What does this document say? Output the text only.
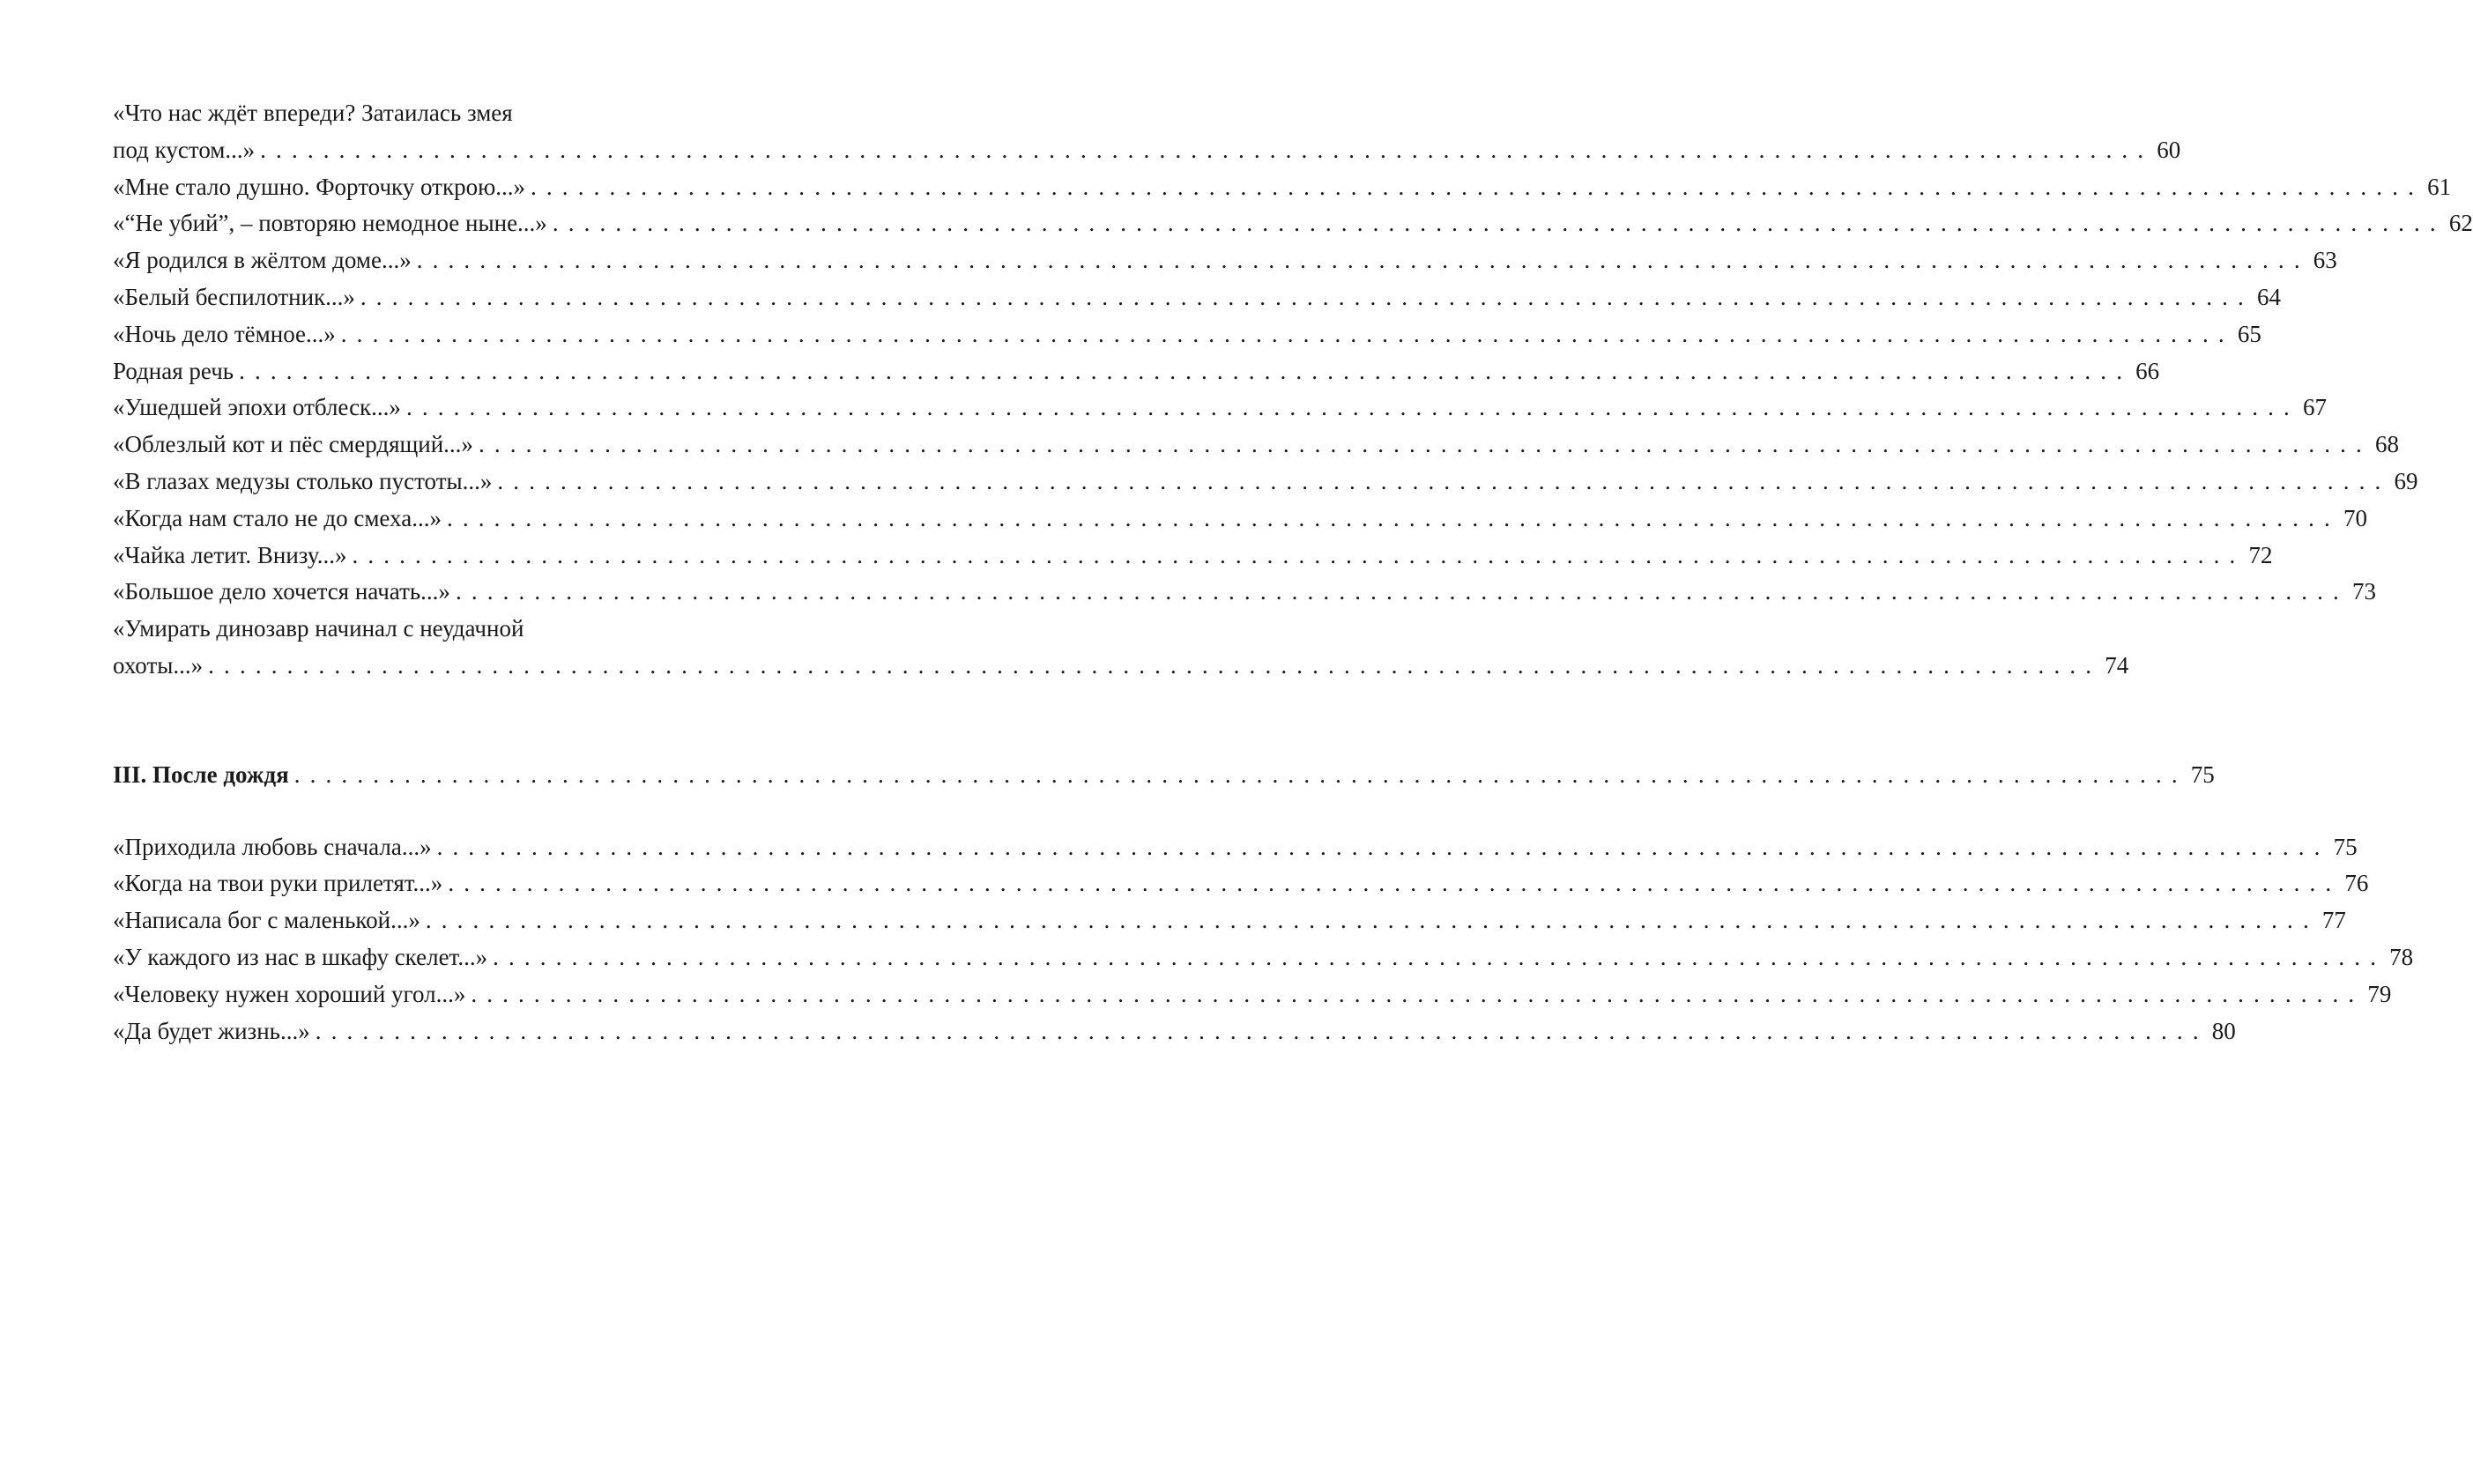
«Что нас ждёт впереди? Затаилась змея
под кустом...» . . . . . . . . . . . . . . . . . . . . . . . . . . . . . . . . . . . . . . . . . . . . . . . . . . . . . . . . . . . . . . . . . . . . . . . . . . . . . . . . . . . . . . . . . . . . . . . . . . . . . . . . . . . . . . . . . . . . . . . . 60
«Мне стало душно. Форточку открою...» . . . . . . . . . . . . . . . . . . . . . . . . . . . . . . . . . . . . . . . . . . . . . . . . . . . . . . . . . . . . . . . . . . . . . . . . . . . . . . . . . . . . . . . . . . . . . . . . . . . . . . . . . . . . . . . . . . . . . . . . 61
«“Не убий”, – повторяю немодное ныне...» . . . . . . . . . . . . . . . . . . . . . . . . . . . . . . . . . . . . . . . . . . . . . . . . . . . . . . . . . . . . . . . . . . . . . . . . . . . . . . . . . . . . . . . . . . . . . . . . . . . . . . . . . . . . . . . . . . . . . . . . 62
«Я родился в жёлтом доме...» . . . . . . . . . . . . . . . . . . . . . . . . . . . . . . . . . . . . . . . . . . . . . . . . . . . . . . . . . . . . . . . . . . . . . . . . . . . . . . . . . . . . . . . . . . . . . . . . . . . . . . . . . . . . . . . . . . . . . . . . 63
«Белый беспилотник...» . . . . . . . . . . . . . . . . . . . . . . . . . . . . . . . . . . . . . . . . . . . . . . . . . . . . . . . . . . . . . . . . . . . . . . . . . . . . . . . . . . . . . . . . . . . . . . . . . . . . . . . . . . . . . . . . . . . . . . . . 64
«Ночь дело тёмное...» . . . . . . . . . . . . . . . . . . . . . . . . . . . . . . . . . . . . . . . . . . . . . . . . . . . . . . . . . . . . . . . . . . . . . . . . . . . . . . . . . . . . . . . . . . . . . . . . . . . . . . . . . . . . . . . . . . . . . . . . 65
Родная речь . . . . . . . . . . . . . . . . . . . . . . . . . . . . . . . . . . . . . . . . . . . . . . . . . . . . . . . . . . . . . . . . . . . . . . . . . . . . . . . . . . . . . . . . . . . . . . . . . . . . . . . . . . . . . . . . . . . . . . . . 66
«Ушедшей эпохи отблеск...» . . . . . . . . . . . . . . . . . . . . . . . . . . . . . . . . . . . . . . . . . . . . . . . . . . . . . . . . . . . . . . . . . . . . . . . . . . . . . . . . . . . . . . . . . . . . . . . . . . . . . . . . . . . . . . . . . . . . . . . . 67
«Облезлый кот и пёс смердящий...» . . . . . . . . . . . . . . . . . . . . . . . . . . . . . . . . . . . . . . . . . . . . . . . . . . . . . . . . . . . . . . . . . . . . . . . . . . . . . . . . . . . . . . . . . . . . . . . . . . . . . . . . . . . . . . . . . . . . . . . . 68
«В глазах медузы столько пустоты...» . . . . . . . . . . . . . . . . . . . . . . . . . . . . . . . . . . . . . . . . . . . . . . . . . . . . . . . . . . . . . . . . . . . . . . . . . . . . . . . . . . . . . . . . . . . . . . . . . . . . . . . . . . . . . . . . . . . . . . . . 69
«Когда нам стало не до смеха...» . . . . . . . . . . . . . . . . . . . . . . . . . . . . . . . . . . . . . . . . . . . . . . . . . . . . . . . . . . . . . . . . . . . . . . . . . . . . . . . . . . . . . . . . . . . . . . . . . . . . . . . . . . . . . . . . . . . . . . . . 70
«Чайка летит. Внизу...» . . . . . . . . . . . . . . . . . . . . . . . . . . . . . . . . . . . . . . . . . . . . . . . . . . . . . . . . . . . . . . . . . . . . . . . . . . . . . . . . . . . . . . . . . . . . . . . . . . . . . . . . . . . . . . . . . . . . . . . . 72
«Большое дело хочется начать...» . . . . . . . . . . . . . . . . . . . . . . . . . . . . . . . . . . . . . . . . . . . . . . . . . . . . . . . . . . . . . . . . . . . . . . . . . . . . . . . . . . . . . . . . . . . . . . . . . . . . . . . . . . . . . . . . . . . . . . . . 73
«Умирать динозавр начинал с неудачной
охоты...» . . . . . . . . . . . . . . . . . . . . . . . . . . . . . . . . . . . . . . . . . . . . . . . . . . . . . . . . . . . . . . . . . . . . . . . . . . . . . . . . . . . . . . . . . . . . . . . . . . . . . . . . . . . . . . . . . . . . . . . . 74
III. После дождя . . . . . . . . . . . . . . . . . . . . . . . . . . . . . . . . . . . . . . . . . . . . . . . . . . . . . . . . . . . . . . . . . . . . . . . . . . . . . . . . . . . . . . . . . . . . . . . . . . . . . . . . . . . . . . . . . . . . . . . . 75
«Приходила любовь сначала...» . . . . . . . . . . . . . . . . . . . . . . . . . . . . . . . . . . . . . . . . . . . . . . . . . . . . . . . . . . . . . . . . . . . . . . . . . . . . . . . . . . . . . . . . . . . . . . . . . . . . . . . . . . . . . . . . . . . . . . . . 75
«Когда на твои руки прилетят...» . . . . . . . . . . . . . . . . . . . . . . . . . . . . . . . . . . . . . . . . . . . . . . . . . . . . . . . . . . . . . . . . . . . . . . . . . . . . . . . . . . . . . . . . . . . . . . . . . . . . . . . . . . . . . . . . . . . . . . . . 76
«Написала бог с маленькой...» . . . . . . . . . . . . . . . . . . . . . . . . . . . . . . . . . . . . . . . . . . . . . . . . . . . . . . . . . . . . . . . . . . . . . . . . . . . . . . . . . . . . . . . . . . . . . . . . . . . . . . . . . . . . . . . . . . . . . . . . 77
«У каждого из нас в шкафу скелет...» . . . . . . . . . . . . . . . . . . . . . . . . . . . . . . . . . . . . . . . . . . . . . . . . . . . . . . . . . . . . . . . . . . . . . . . . . . . . . . . . . . . . . . . . . . . . . . . . . . . . . . . . . . . . . . . . . . . . . . . . 78
«Человеку нужен хороший угол...» . . . . . . . . . . . . . . . . . . . . . . . . . . . . . . . . . . . . . . . . . . . . . . . . . . . . . . . . . . . . . . . . . . . . . . . . . . . . . . . . . . . . . . . . . . . . . . . . . . . . . . . . . . . . . . . . . . . . . . . . 79
«Да будет жизнь...» . . . . . . . . . . . . . . . . . . . . . . . . . . . . . . . . . . . . . . . . . . . . . . . . . . . . . . . . . . . . . . . . . . . . . . . . . . . . . . . . . . . . . . . . . . . . . . . . . . . . . . . . . . . . . . . . . . . . . . . . 80
